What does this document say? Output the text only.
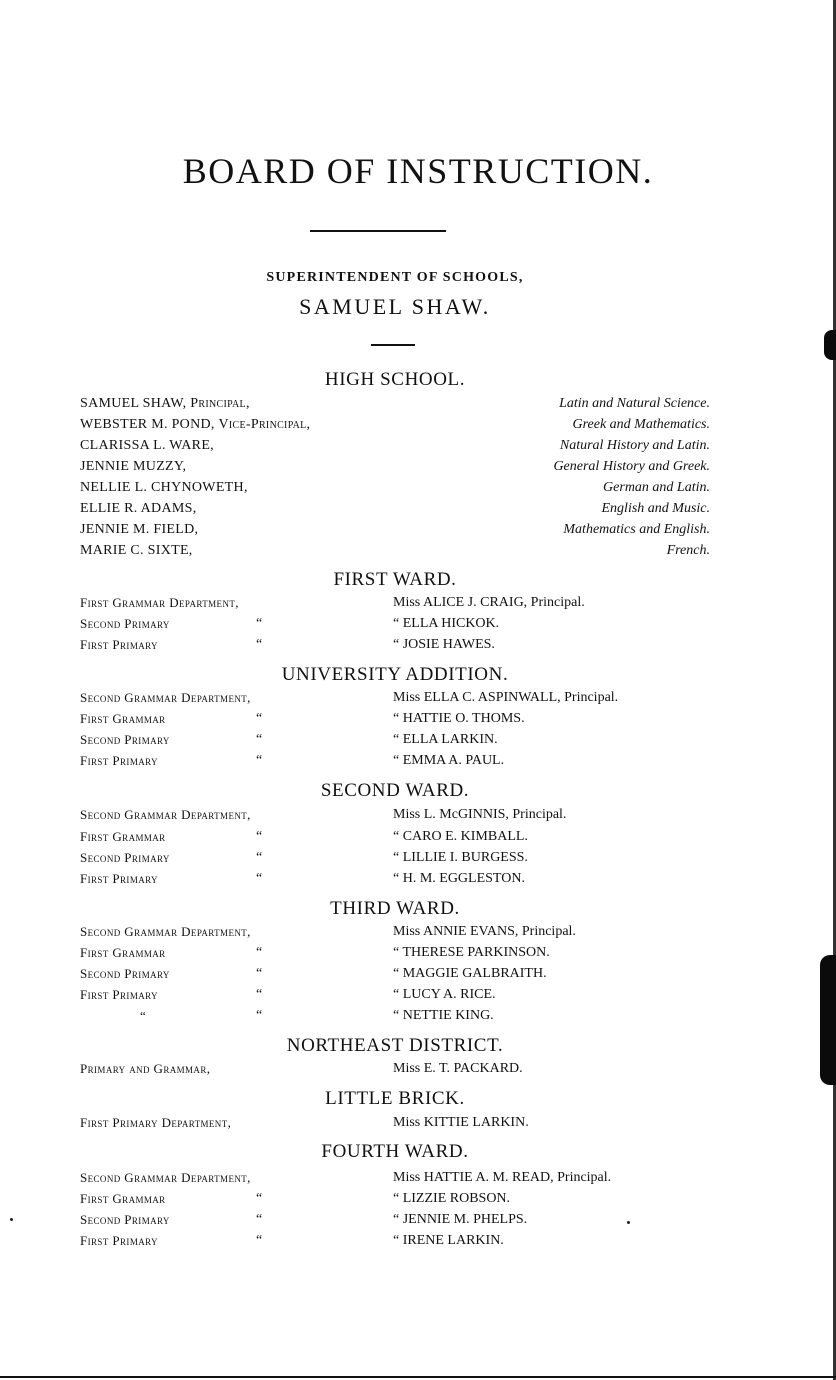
BOARD OF INSTRUCTION.
SUPERINTENDENT OF SCHOOLS,
SAMUEL SHAW.
HIGH SCHOOL.
SAMUEL SHAW, Principal,	Latin and Natural Science.
WEBSTER M. POND, Vice-Principal,	Greek and Mathematics.
CLARISSA L. WARE,	Natural History and Latin.
JENNIE MUZZY,	General History and Greek.
NELLIE L. CHYNOWETH,	German and Latin.
ELLIE R. ADAMS,	English and Music.
JENNIE M. FIELD,	Mathematics and English.
MARIE C. SIXTE,	French.
FIRST WARD.
First Grammar Department,	Miss ALICE J. CRAIG, Principal.
Second Primary	“	“ ELLA HICKOK.
First Primary	“	“ JOSIE HAWES.
UNIVERSITY ADDITION.
Second Grammar Department,	Miss ELLA C. ASPINWALL, Principal.
First Grammar	“	“ HATTIE O. THOMS.
Second Primary	“	“ ELLA LARKIN.
First Primary	“	“ EMMA A. PAUL.
SECOND WARD.
Second Grammar Department,	Miss L. McGINNIS, Principal.
First Grammar	“	“ CARO E. KIMBALL.
Second Primary	“	“ LILLIE I. BURGESS.
First Primary	“	“ H. M. EGGLESTON.
THIRD WARD.
Second Grammar Department,	Miss ANNIE EVANS, Principal.
First Grammar	“	“ THERESE PARKINSON.
Second Primary	“	“ MAGGIE GALBRAITH.
First Primary	“	“ LUCY A. RICE.
“	“	“ NETTIE KING.
NORTHEAST DISTRICT.
Primary and Grammar,	Miss E. T. PACKARD.
LITTLE BRICK.
First Primary Department,	Miss KITTIE LARKIN.
FOURTH WARD.
Second Grammar Department,	Miss HATTIE A. M. READ, Principal.
First Grammar	“	“ LIZZIE ROBSON.
Second Primary	“	“ JENNIE M. PHELPS.
First Primary	“	“ IRENE LARKIN.
